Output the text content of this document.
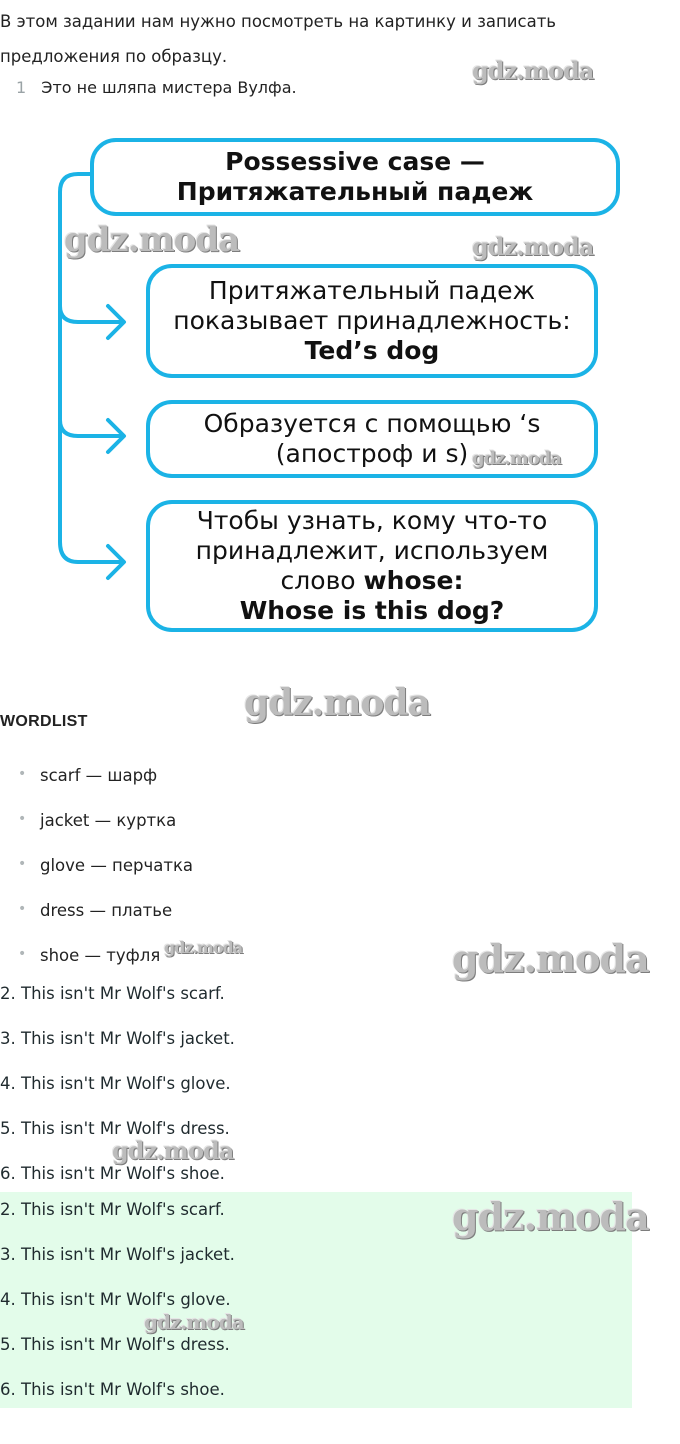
В этом задании нам нужно посмотреть на картинку и записать предложения по образцу.
1 Это не шляпа мистера Вулфа.
gdz.moda
Possessive case — Притяжательный падеж
Притяжательный падеж
показывает принадлежность:
Ted’s dog
Образуется с помощью ‘s
(апостроф и s)
Чтобы узнать, кому что-то
принадлежит, используем
слово whose:
Whose is this dog?
gdz.moda	gdz.moda
gdz.moda
gdz.moda
WORDLIST
• scarf — шарф
• jacket — куртка
• glove — перчатка
• dress — платье
• shoe — туфля gdz.moda	gdz.moda
2. This isn't Mr Wolf's scarf.
3. This isn't Mr Wolf's jacket.
4. This isn't Mr Wolf's glove.
5. This isn't Mr Wolf's dress.
6. This isn't Mr Wolf's shoe.
gdz.moda
2. This isn't Mr Wolf's scarf.
3. This isn't Mr Wolf's jacket.
4. This isn't Mr Wolf's glove.
5. This isn't Mr Wolf's dress.
6. This isn't Mr Wolf's shoe.
gdz.moda
gdz.moda
